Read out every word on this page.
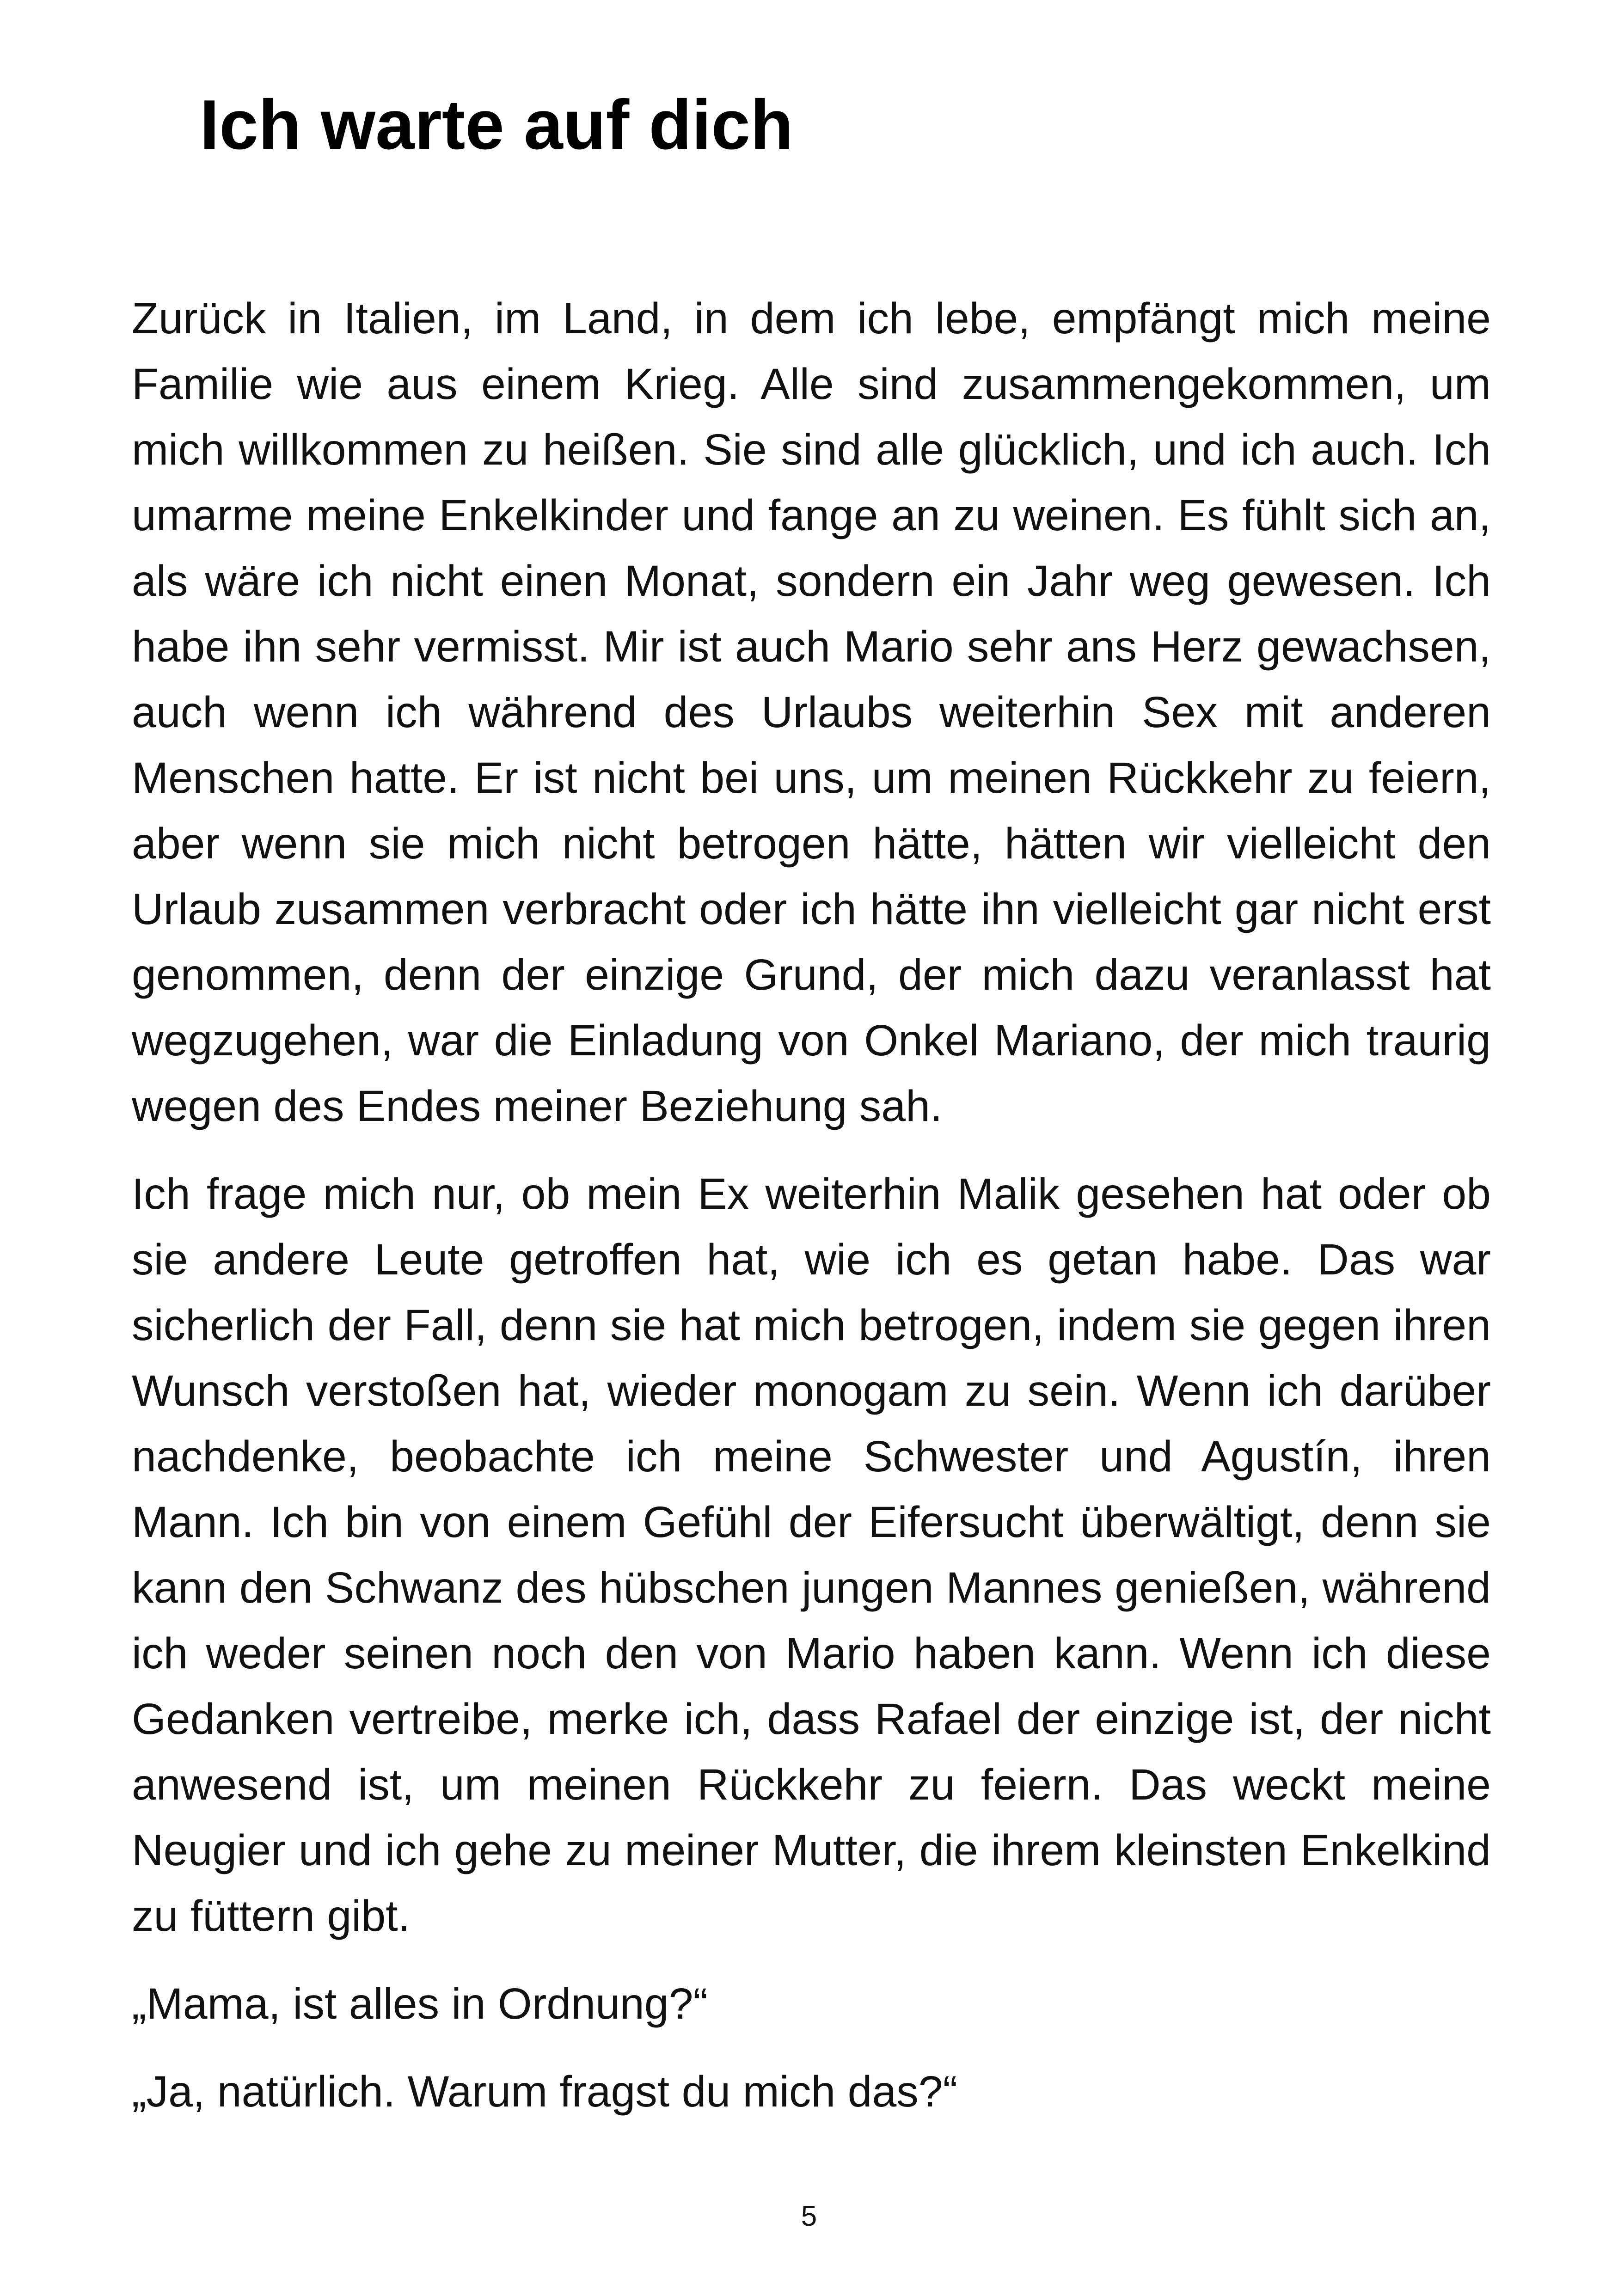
Ich warte auf dich

Zurück in Italien, im Land, in dem ich lebe, empfängt mich meine Familie wie aus einem Krieg. Alle sind zusammengekommen, um mich willkommen zu heißen. Sie sind alle glücklich, und ich auch. Ich umarme meine Enkelkinder und fange an zu weinen. Es fühlt sich an, als wäre ich nicht einen Monat, sondern ein Jahr weg gewesen. Ich habe ihn sehr vermisst. Mir ist auch Mario sehr ans Herz gewachsen, auch wenn ich während des Urlaubs weiterhin Sex mit anderen Menschen hatte. Er ist nicht bei uns, um meinen Rückkehr zu feiern, aber wenn sie mich nicht betrogen hätte, hätten wir vielleicht den Urlaub zusammen verbracht oder ich hätte ihn vielleicht gar nicht erst genommen, denn der einzige Grund, der mich dazu veranlasst hat wegzugehen, war die Einladung von Onkel Mariano, der mich traurig wegen des Endes meiner Beziehung sah.

Ich frage mich nur, ob mein Ex weiterhin Malik gesehen hat oder ob sie andere Leute getroffen hat, wie ich es getan habe. Das war sicherlich der Fall, denn sie hat mich betrogen, indem sie gegen ihren Wunsch verstoßen hat, wieder monogam zu sein. Wenn ich darüber nachdenke, beobachte ich meine Schwester und Agustín, ihren Mann. Ich bin von einem Gefühl der Eifersucht überwältigt, denn sie kann den Schwanz des hübschen jungen Mannes genießen, während ich weder seinen noch den von Mario haben kann. Wenn ich diese Gedanken vertreibe, merke ich, dass Rafael der einzige ist, der nicht anwesend ist, um meinen Rückkehr zu feiern. Das weckt meine Neugier und ich gehe zu meiner Mutter, die ihrem kleinsten Enkelkind zu füttern gibt.

„Mama, ist alles in Ordnung?“

„Ja, natürlich. Warum fragst du mich das?“

5
